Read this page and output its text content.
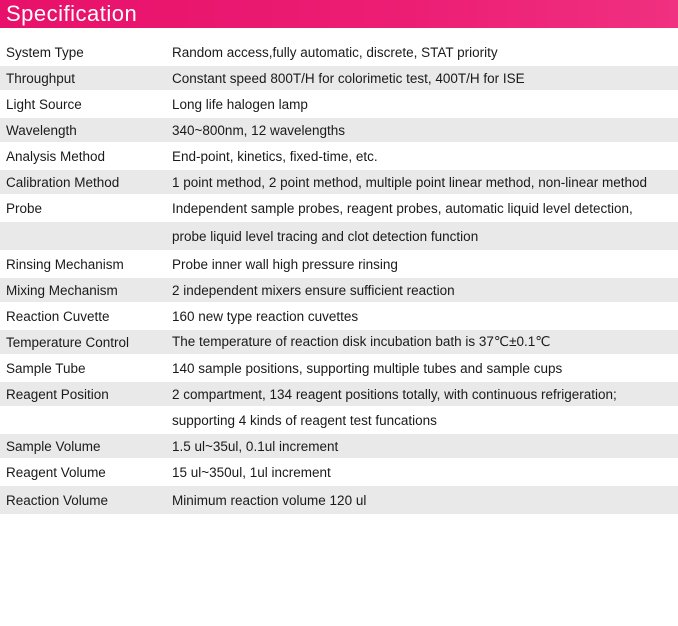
Specification
System Type	Random access,fully automatic, discrete, STAT priority
Throughput	Constant speed 800T/H for colorimetic test, 400T/H for ISE
Light Source	Long life halogen lamp
Wavelength	340~800nm, 12 wavelengths
Analysis Method	End-point, kinetics, fixed-time, etc.
Calibration Method	1 point method, 2 point method, multiple point linear method, non-linear method
Probe	Independent sample probes, reagent probes, automatic liquid level detection,
probe liquid level tracing and clot detection function
Rinsing Mechanism	Probe inner wall high pressure rinsing
Mixing Mechanism	2 independent mixers ensure sufficient reaction
Reaction Cuvette	160 new type reaction cuvettes
Temperature Control	The temperature of reaction disk incubation bath is 37℃±0.1℃
Sample Tube	140 sample positions, supporting multiple tubes and sample cups
Reagent Position	2 compartment, 134 reagent positions totally, with continuous refrigeration;
supporting 4 kinds of reagent test funcations
Sample Volume	1.5 ul~35ul, 0.1ul increment
Reagent Volume	15 ul~350ul, 1ul increment
Reaction Volume	Minimum reaction volume 120 ul
